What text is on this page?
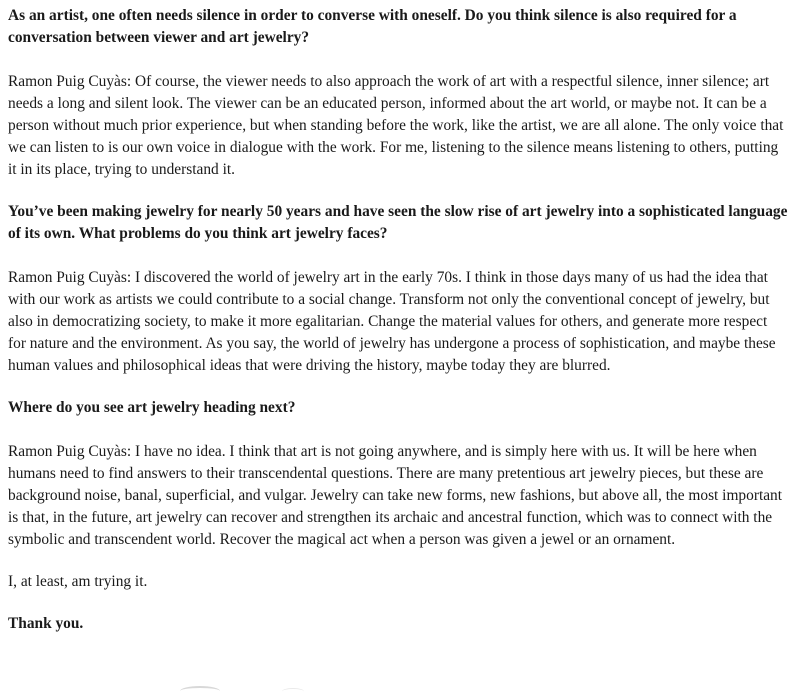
As an artist, one often needs silence in order to converse with oneself. Do you think silence is also required for a conversation between viewer and art jewelry?

Ramon Puig Cuyàs: Of course, the viewer needs to also approach the work of art with a respectful silence, inner silence; art needs a long and silent look. The viewer can be an educated person, informed about the art world, or maybe not. It can be a person without much prior experience, but when standing before the work, like the artist, we are all alone. The only voice that we can listen to is our own voice in dialogue with the work. For me, listening to the silence means listening to others, putting it in its place, trying to understand it.

You’ve been making jewelry for nearly 50 years and have seen the slow rise of art jewelry into a sophisticated language of its own. What problems do you think art jewelry faces?

Ramon Puig Cuyàs: I discovered the world of jewelry art in the early 70s. I think in those days many of us had the idea that with our work as artists we could contribute to a social change. Transform not only the conventional concept of jewelry, but also in democratizing society, to make it more egalitarian. Change the material values for others, and generate more respect for nature and the environment. As you say, the world of jewelry has undergone a process of sophistication, and maybe these human values and philosophical ideas that were driving the history, maybe today they are blurred.

Where do you see art jewelry heading next?

Ramon Puig Cuyàs: I have no idea. I think that art is not going anywhere, and is simply here with us. It will be here when humans need to find answers to their transcendental questions. There are many pretentious art jewelry pieces, but these are background noise, banal, superficial, and vulgar. Jewelry can take new forms, new fashions, but above all, the most important is that, in the future, art jewelry can recover and strengthen its archaic and ancestral function, which was to connect with the symbolic and transcendent world. Recover the magical act when a person was given a jewel or an ornament.

I, at least, am trying it.

Thank you.
